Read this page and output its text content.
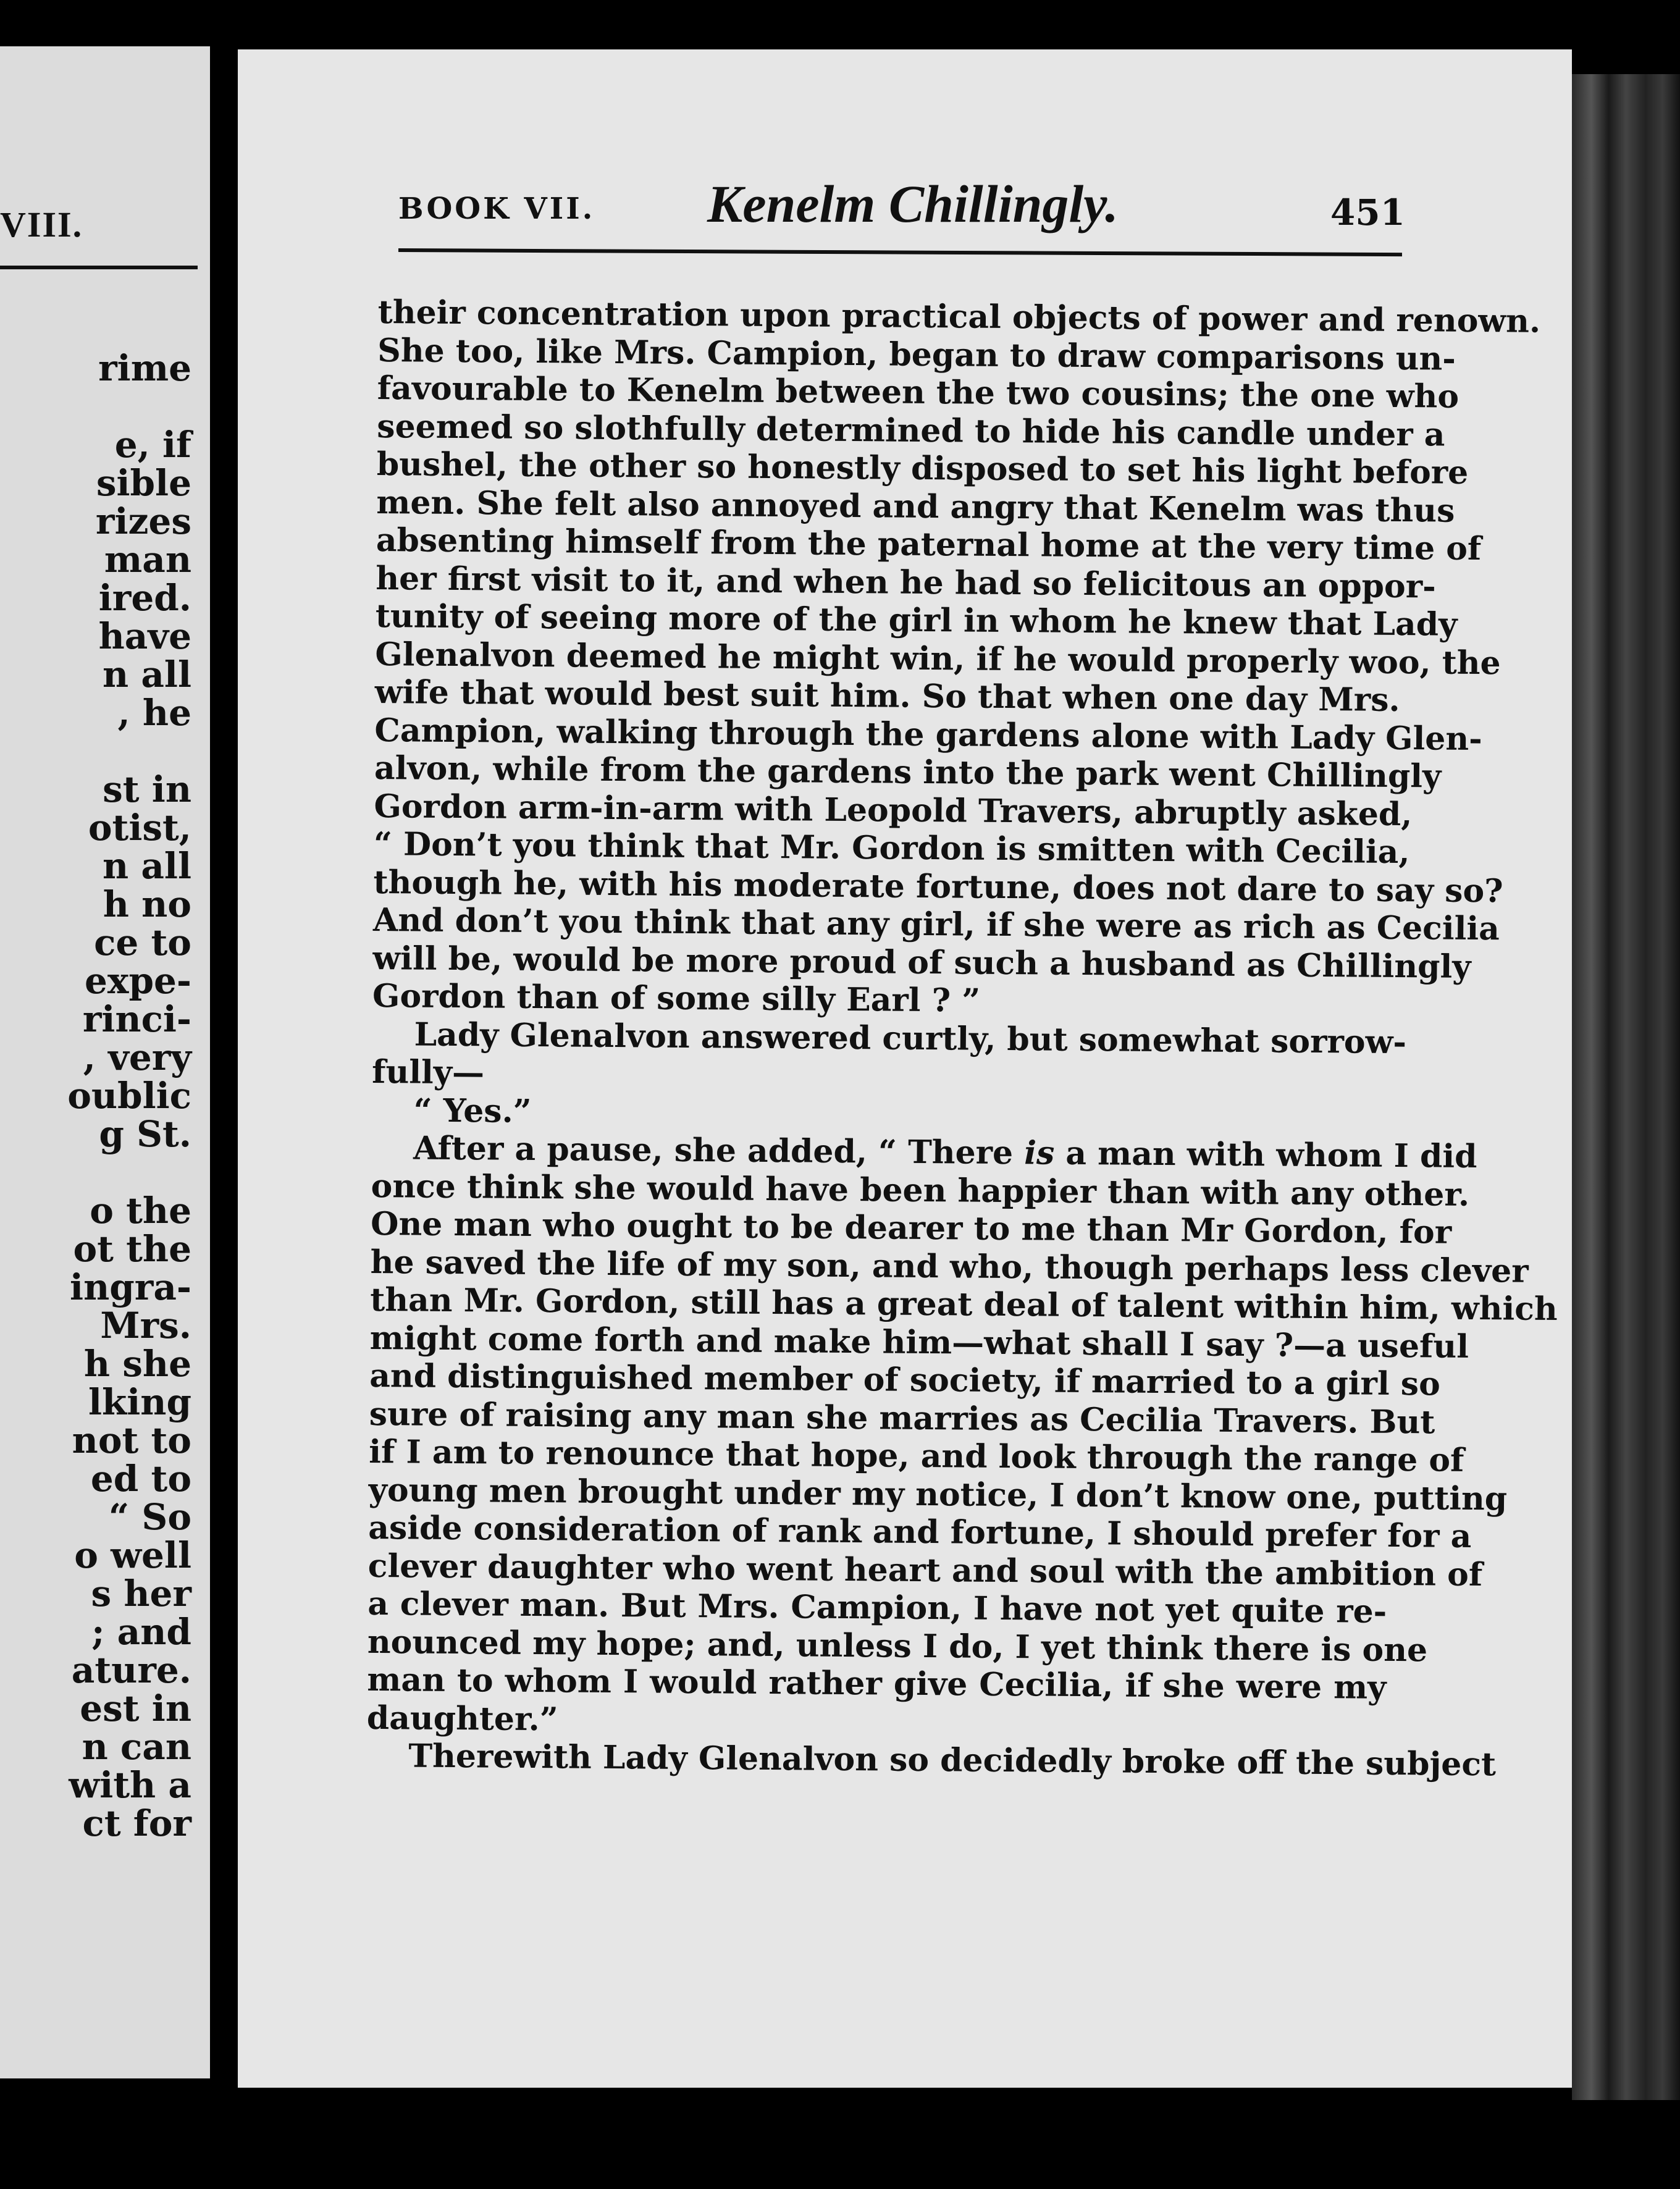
VIII.
rime
e, if
sible
rizes
man
ired.
have
n all
, he
st in
otist,
n all
h no
ce to
expe-
rinci-
, very
oublic
g St.
o the
ot the
ingra-
Mrs.
h she
lking
not to
ed to
“ So
o well
s her
; and
ature.
est in
n can
with a
ct for
BOOK VII. Kenelm Chillingly.	451
their concentration upon practical objects of power and renown.
She too, like Mrs. Campion, began to draw comparisons un-
favourable to Kenelm between the two cousins; the one who
seemed so slothfully determined to hide his candle under a
bushel, the other so honestly disposed to set his light before
men. She felt also annoyed and angry that Kenelm was thus
absenting himself from the paternal home at the very time of
her first visit to it, and when he had so felicitous an oppor-
tunity of seeing more of the girl in whom he knew that Lady
Glenalvon deemed he might win, if he would properly woo, the
wife that would best suit him. So that when one day Mrs.
Campion, walking through the gardens alone with Lady Glen-
alvon, while from the gardens into the park went Chillingly
Gordon arm-in-arm with Leopold Travers, abruptly asked,
“ Don’t you think that Mr. Gordon is smitten with Cecilia,
though he, with his moderate fortune, does not dare to say so?
And don’t you think that any girl, if she were as rich as Cecilia
will be, would be more proud of such a husband as Chillingly
Gordon than of some silly Earl ? ”
Lady Glenalvon answered curtly, but somewhat sorrow-
fully—
“ Yes.”
After a pause, she added, “ There is a man with whom I did
once think she would have been happier than with any other.
One man who ought to be dearer to me than Mr Gordon, for
he saved the life of my son, and who, though perhaps less clever
than Mr. Gordon, still has a great deal of talent within him, which
might come forth and make him—what shall I say ?—a useful
and distinguished member of society, if married to a girl so
sure of raising any man she marries as Cecilia Travers. But
if I am to renounce that hope, and look through the range of
young men brought under my notice, I don’t know one, putting
aside consideration of rank and fortune, I should prefer for a
clever daughter who went heart and soul with the ambition of
a clever man. But Mrs. Campion, I have not yet quite re-
nounced my hope; and, unless I do, I yet think there is one
man to whom I would rather give Cecilia, if she were my
daughter.”
Therewith Lady Glenalvon so decidedly broke off the subject
